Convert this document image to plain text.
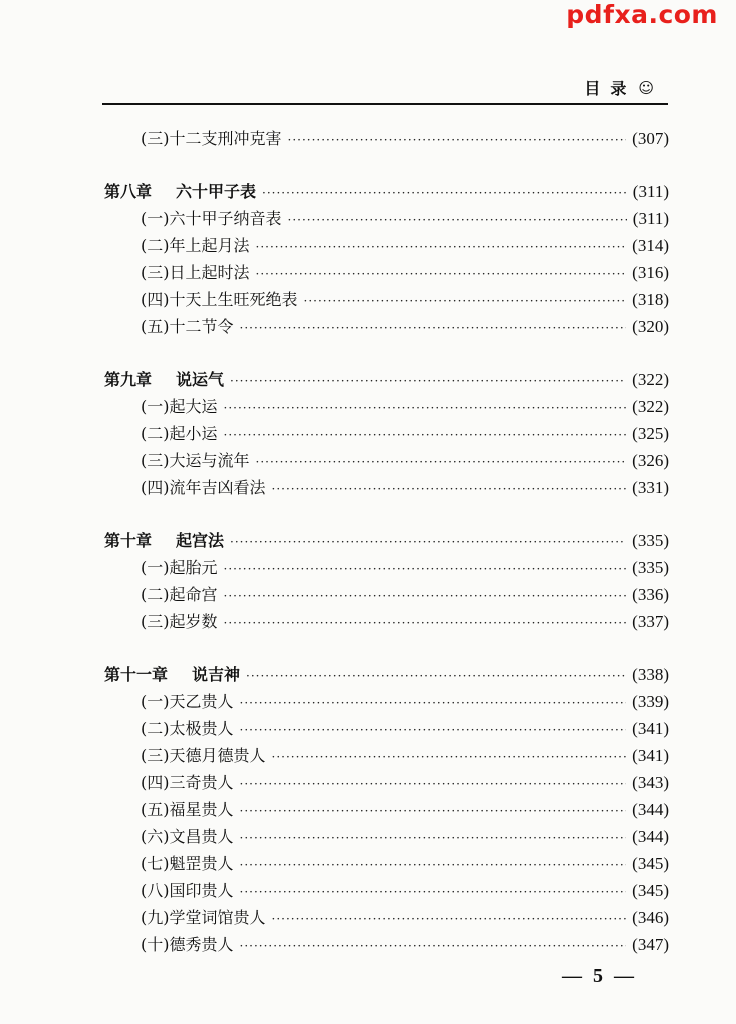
pdfxa.com
目录 ☺
(三)十二支刑冲克害 ·····	(307)
第八章 六十甲子表 ·····	(311)
(一)六十甲子纳音表 ·····	(311)
(二)年上起月法 ·····	(314)
(三)日上起时法 ·····	(316)
(四)十天上生旺死绝表 ·····	(318)
(五)十二节令 ·····	(320)
第九章 说运气 ·····	(322)
(一)起大运 ·····	(322)
(二)起小运 ·····	(325)
(三)大运与流年 ·····	(326)
(四)流年吉凶看法 ·····	(331)
第十章 起宫法 ·····	(335)
(一)起胎元 ·····	(335)
(二)起命宫 ·····	(336)
(三)起岁数 ·····	(337)
第十一章 说吉神 ·····	(338)
(一)天乙贵人 ·····	(339)
(二)太极贵人 ·····	(341)
(三)天德月德贵人 ·····	(341)
(四)三奇贵人 ·····	(343)
(五)福星贵人 ·····	(344)
(六)文昌贵人 ·····	(344)
(七)魁罡贵人 ·····	(345)
(八)国印贵人 ·····	(345)
(九)学堂词馆贵人 ·····	(346)
(十)德秀贵人 ·····	(347)
— 5 —
